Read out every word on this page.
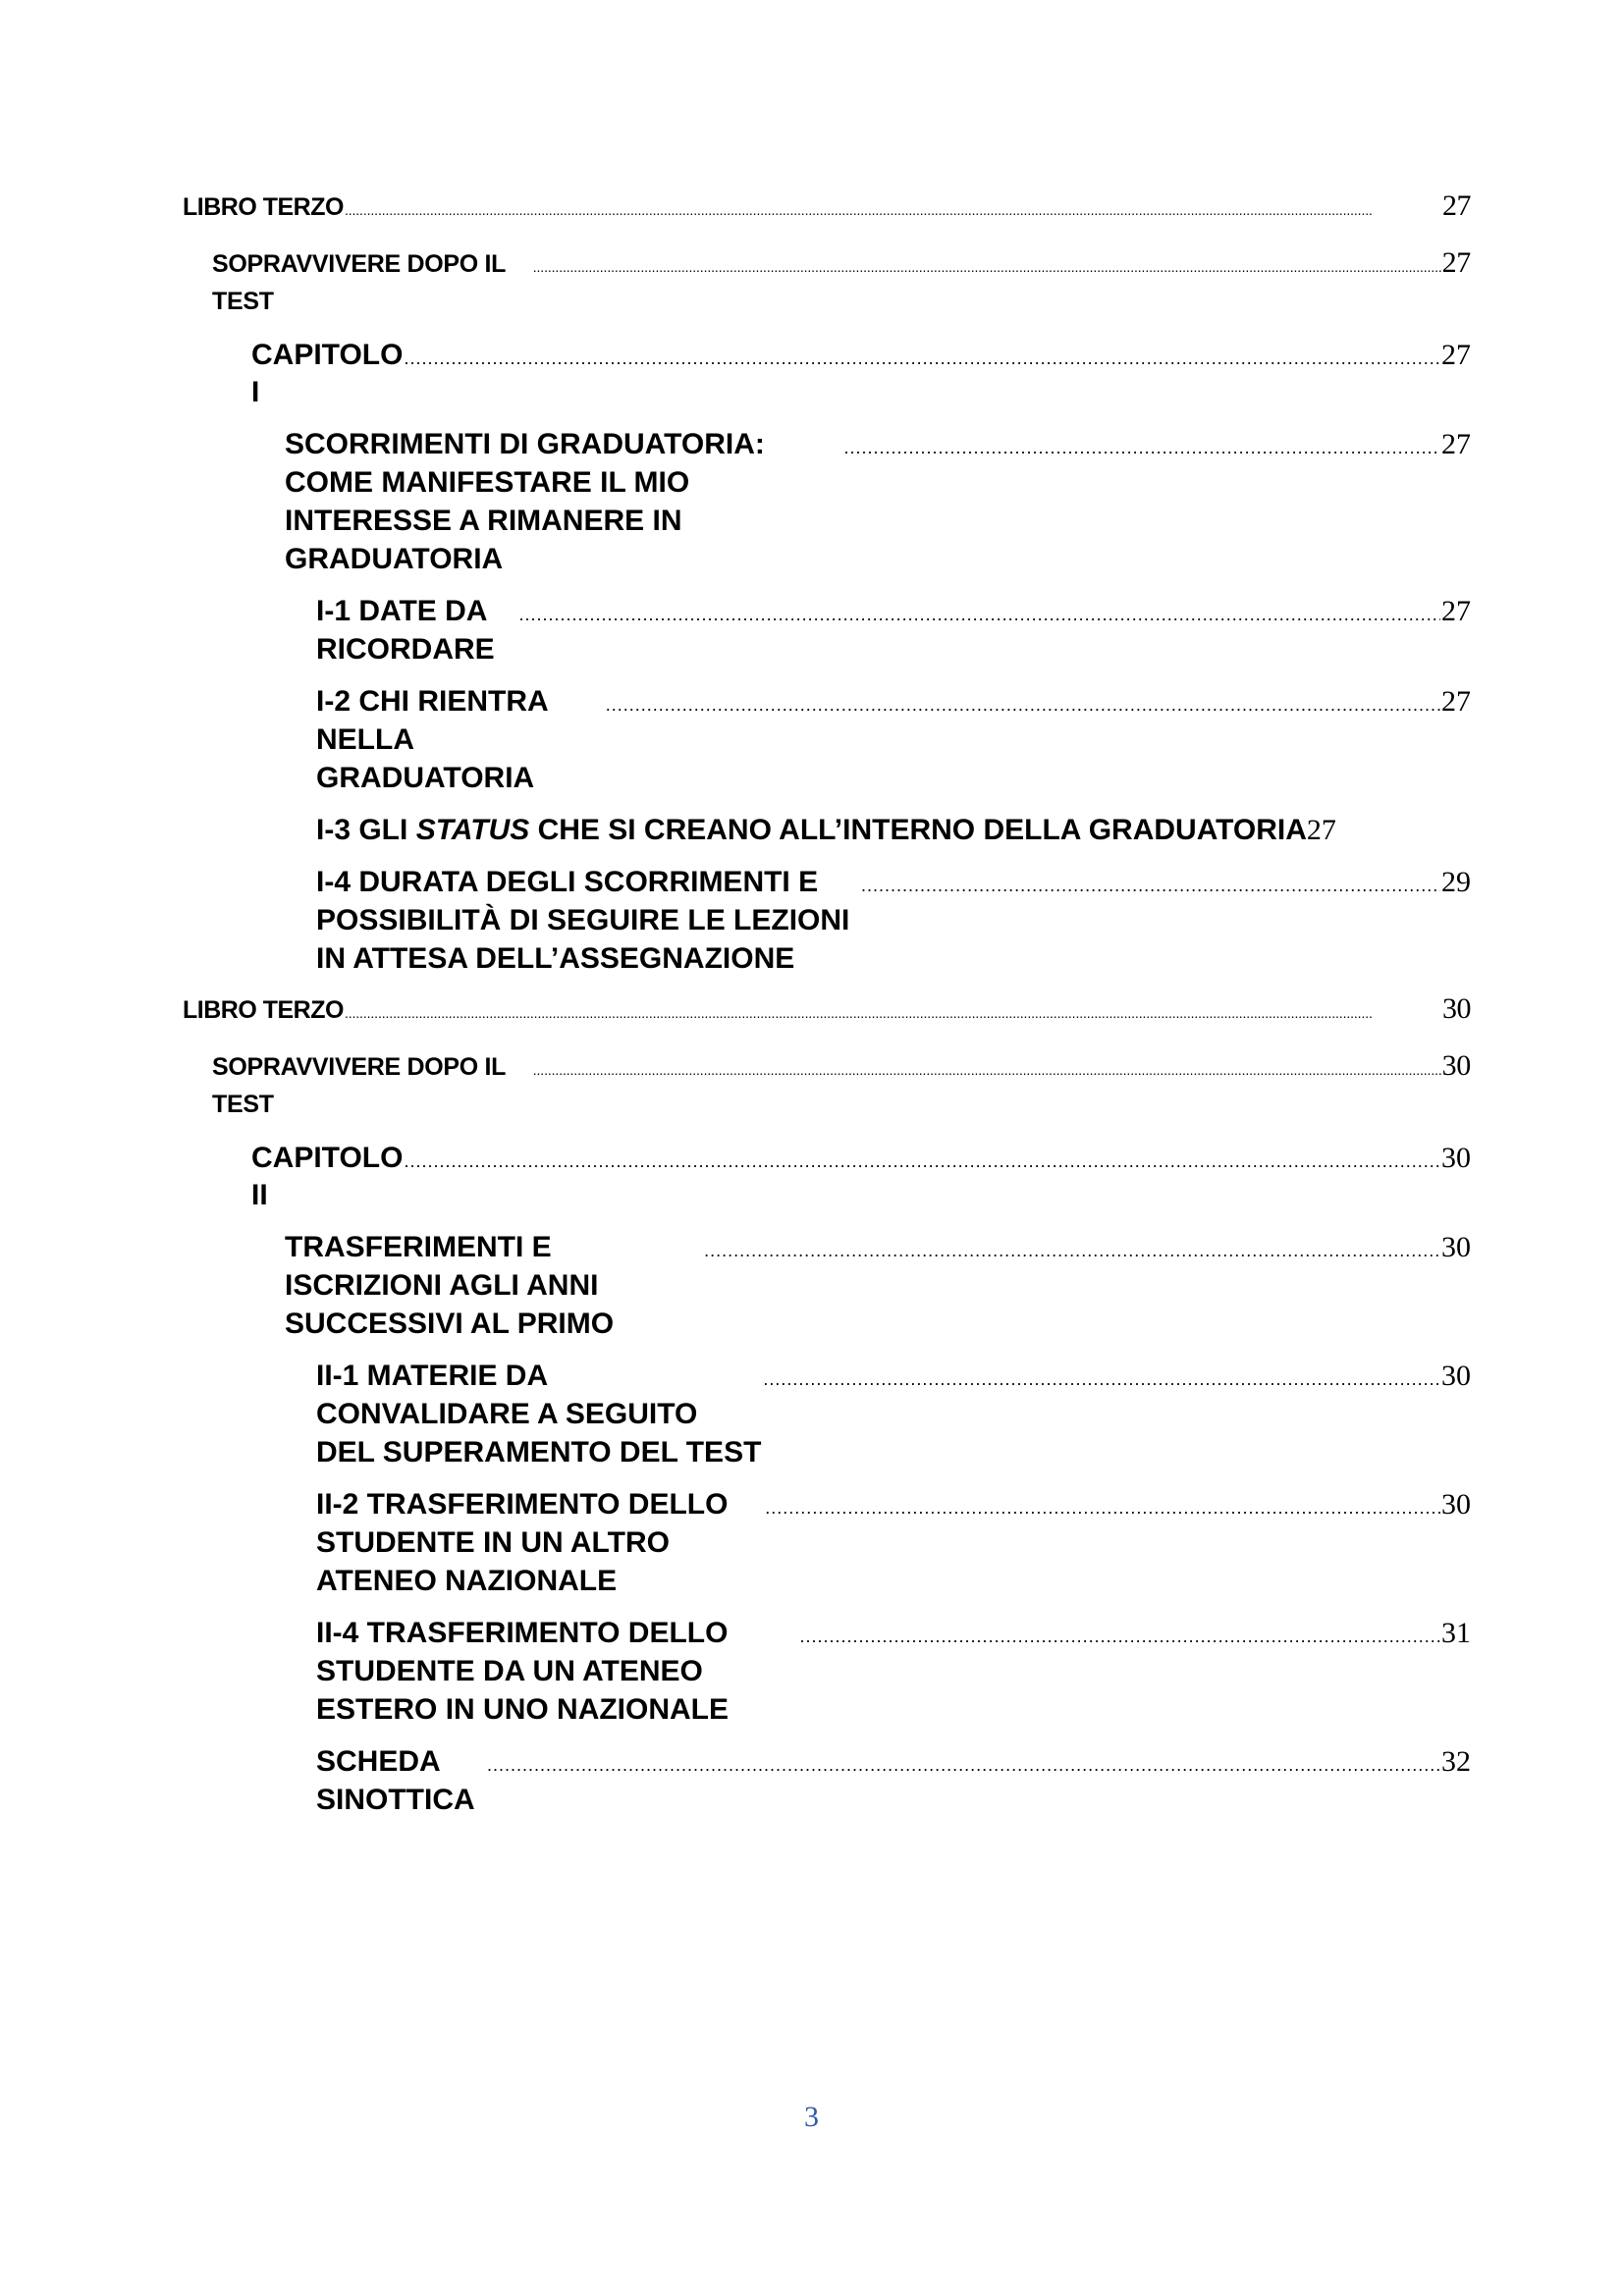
LIBRO TERZO . . .	27
SOPRAVVIVERE DOPO IL TEST
. . .
27
CAPITOLO I
. . .
27
SCORRIMENTI DI GRADUATORIA: COME MANIFESTARE IL MIO INTERESSE A RIMANERE IN GRADUATORIA
. . .
27
I-1 DATE DA RICORDARE
. . .
27
I-2 CHI RIENTRA NELLA GRADUATORIA
. . .
27
I-3 GLI STATUS CHE SI CREANO ALL’INTERNO DELLA GRADUATORIA 27
I-4 DURATA DEGLI SCORRIMENTI E POSSIBILITÀ DI SEGUIRE LE LEZIONI IN ATTESA DELL’ASSEGNAZIONE
. . .
29
LIBRO TERZO . . .	30
SOPRAVVIVERE DOPO IL TEST
. . .
30
CAPITOLO II
. . .
30
TRASFERIMENTI E ISCRIZIONI AGLI ANNI SUCCESSIVI AL PRIMO
. . .
30
II-1 MATERIE DA CONVALIDARE A SEGUITO DEL SUPERAMENTO DEL TEST
. . .
30
II-2 TRASFERIMENTO DELLO STUDENTE IN UN ALTRO ATENEO NAZIONALE
. . .
30
II-4 TRASFERIMENTO DELLO STUDENTE DA UN ATENEO ESTERO IN UNO NAZIONALE
. . .
31
SCHEDA SINOTTICA
. . .
32
3
